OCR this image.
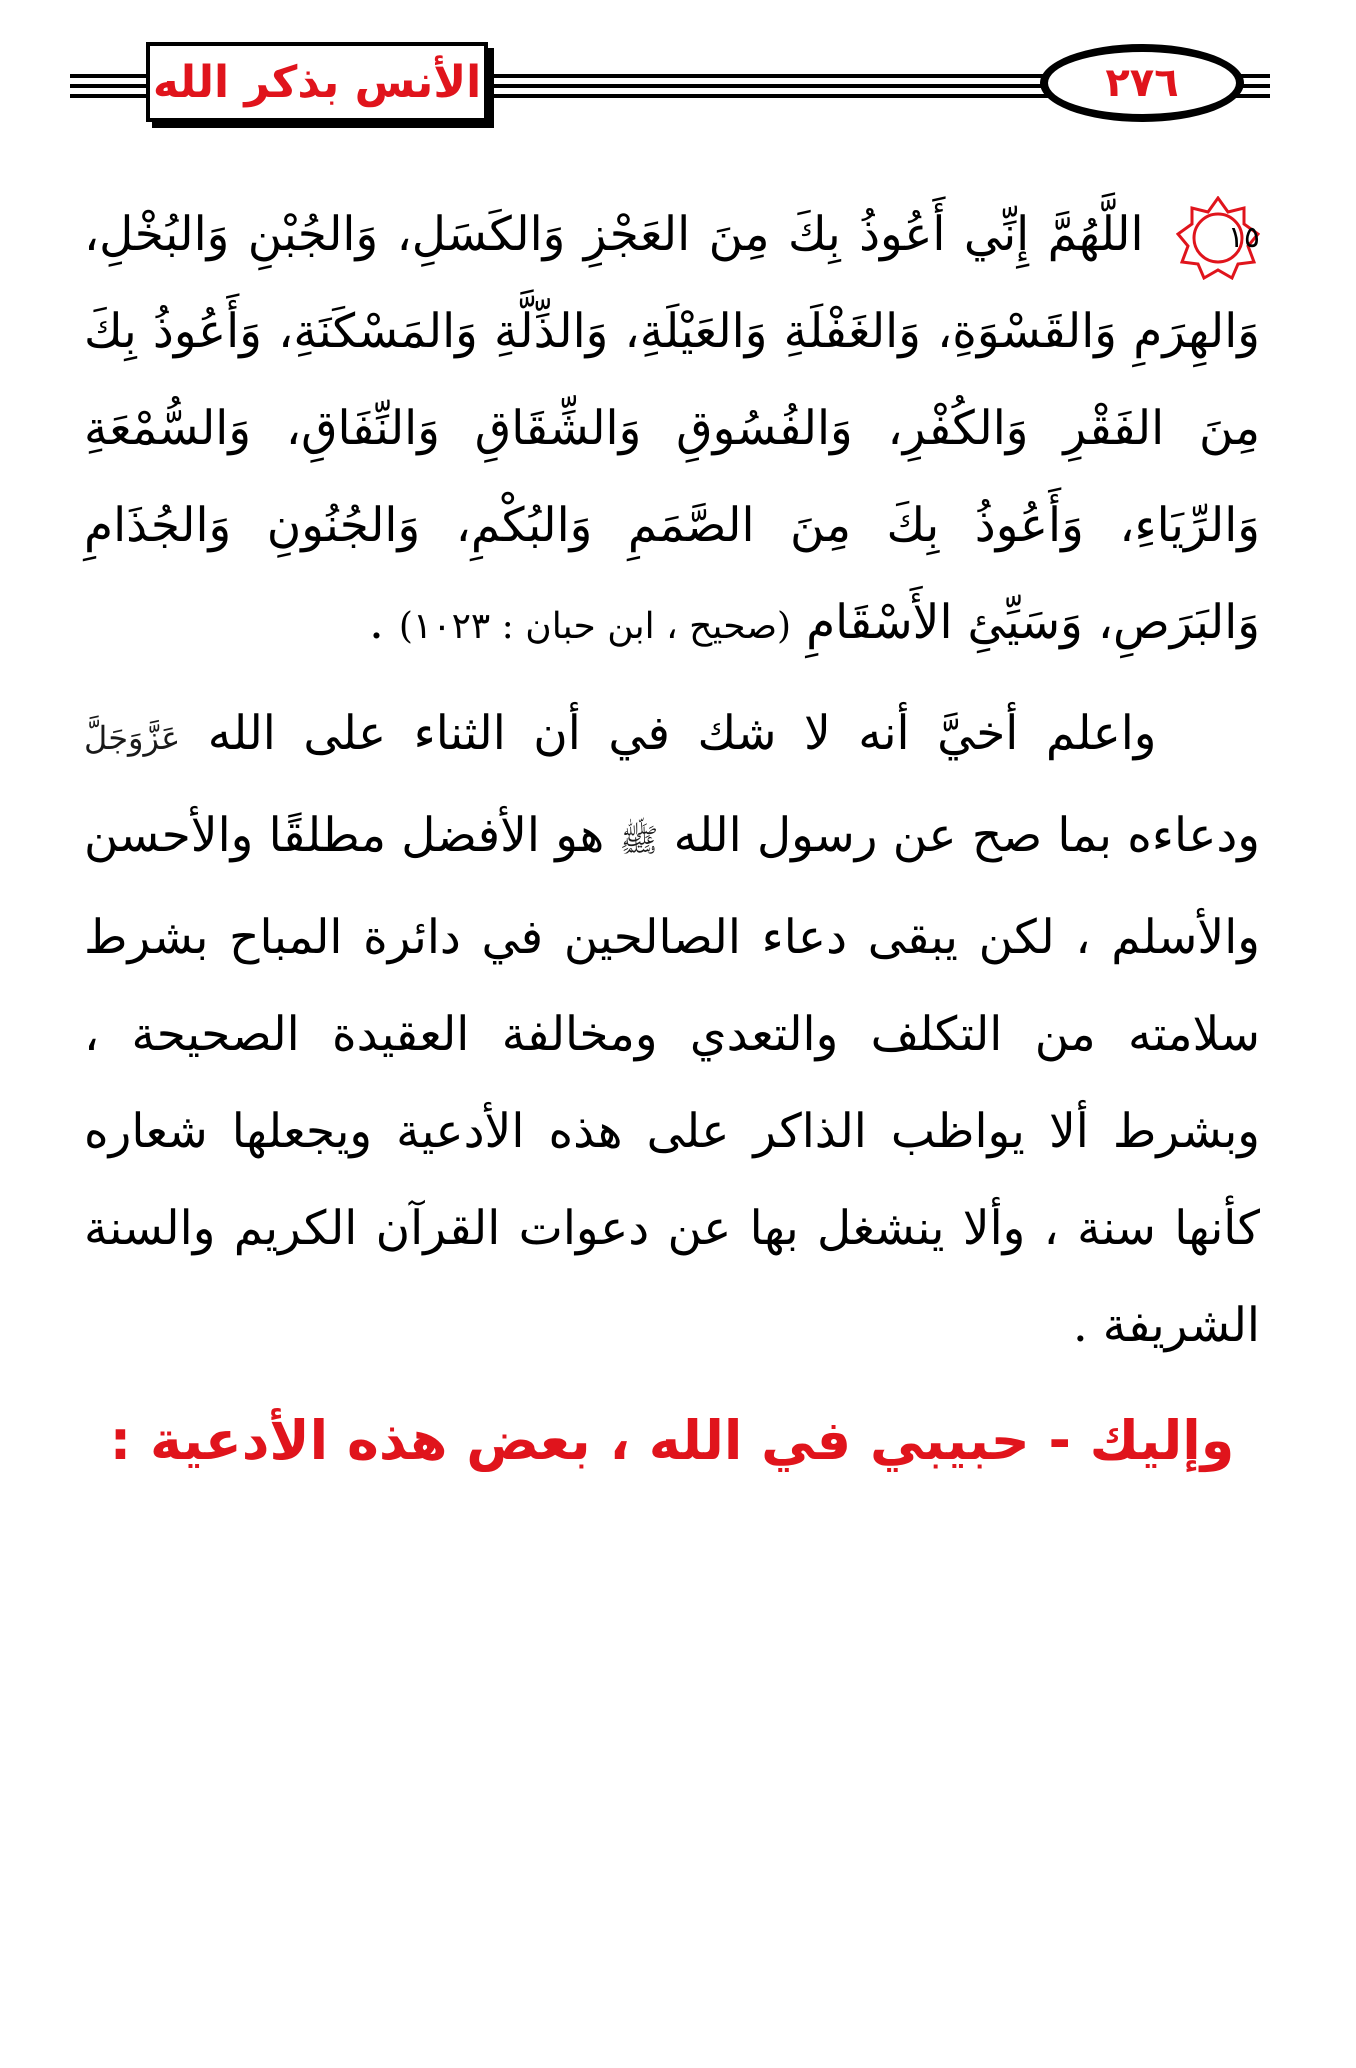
الأنس بذكر الله	٢٧٦

١٥
اللَّهُمَّ إِنِّي أَعُوذُ بِكَ مِنَ العَجْزِ وَالكَسَلِ، وَالجُبْنِ وَالبُخْلِ، وَالهِرَمِ وَالقَسْوَةِ، وَالغَفْلَةِ وَالعَيْلَةِ، وَالذِّلَّةِ وَالمَسْكَنَةِ، وَأَعُوذُ بِكَ مِنَ الفَقْرِ وَالكُفْرِ، وَالفُسُوقِ وَالشِّقَاقِ وَالنِّفَاقِ، وَالسُّمْعَةِ وَالرِّيَاءِ، وَأَعُوذُ بِكَ مِنَ الصَّمَمِ وَالبُكْمِ، وَالجُنُونِ وَالجُذَامِ وَالبَرَصِ، وَسَيِّئِ الأَسْقَامِ (صحيح ، ابن حبان : ١٠٢٣) .

واعلم أخيَّ أنه لا شك في أن الثناء على الله عَزَّوَجَلَّ ودعاءه بما صح عن رسول الله ﷺ هو الأفضل مطلقًا والأحسن والأسلم ، لكن يبقى دعاء الصالحين في دائرة المباح بشرط سلامته من التكلف والتعدي ومخالفة العقيدة الصحيحة ، وبشرط ألا يواظب الذاكر على هذه الأدعية ويجعلها شعاره كأنها سنة ، وألا ينشغل بها عن دعوات القرآن الكريم والسنة الشريفة .

وإليك - حبيبي في الله ، بعض هذه الأدعية :
